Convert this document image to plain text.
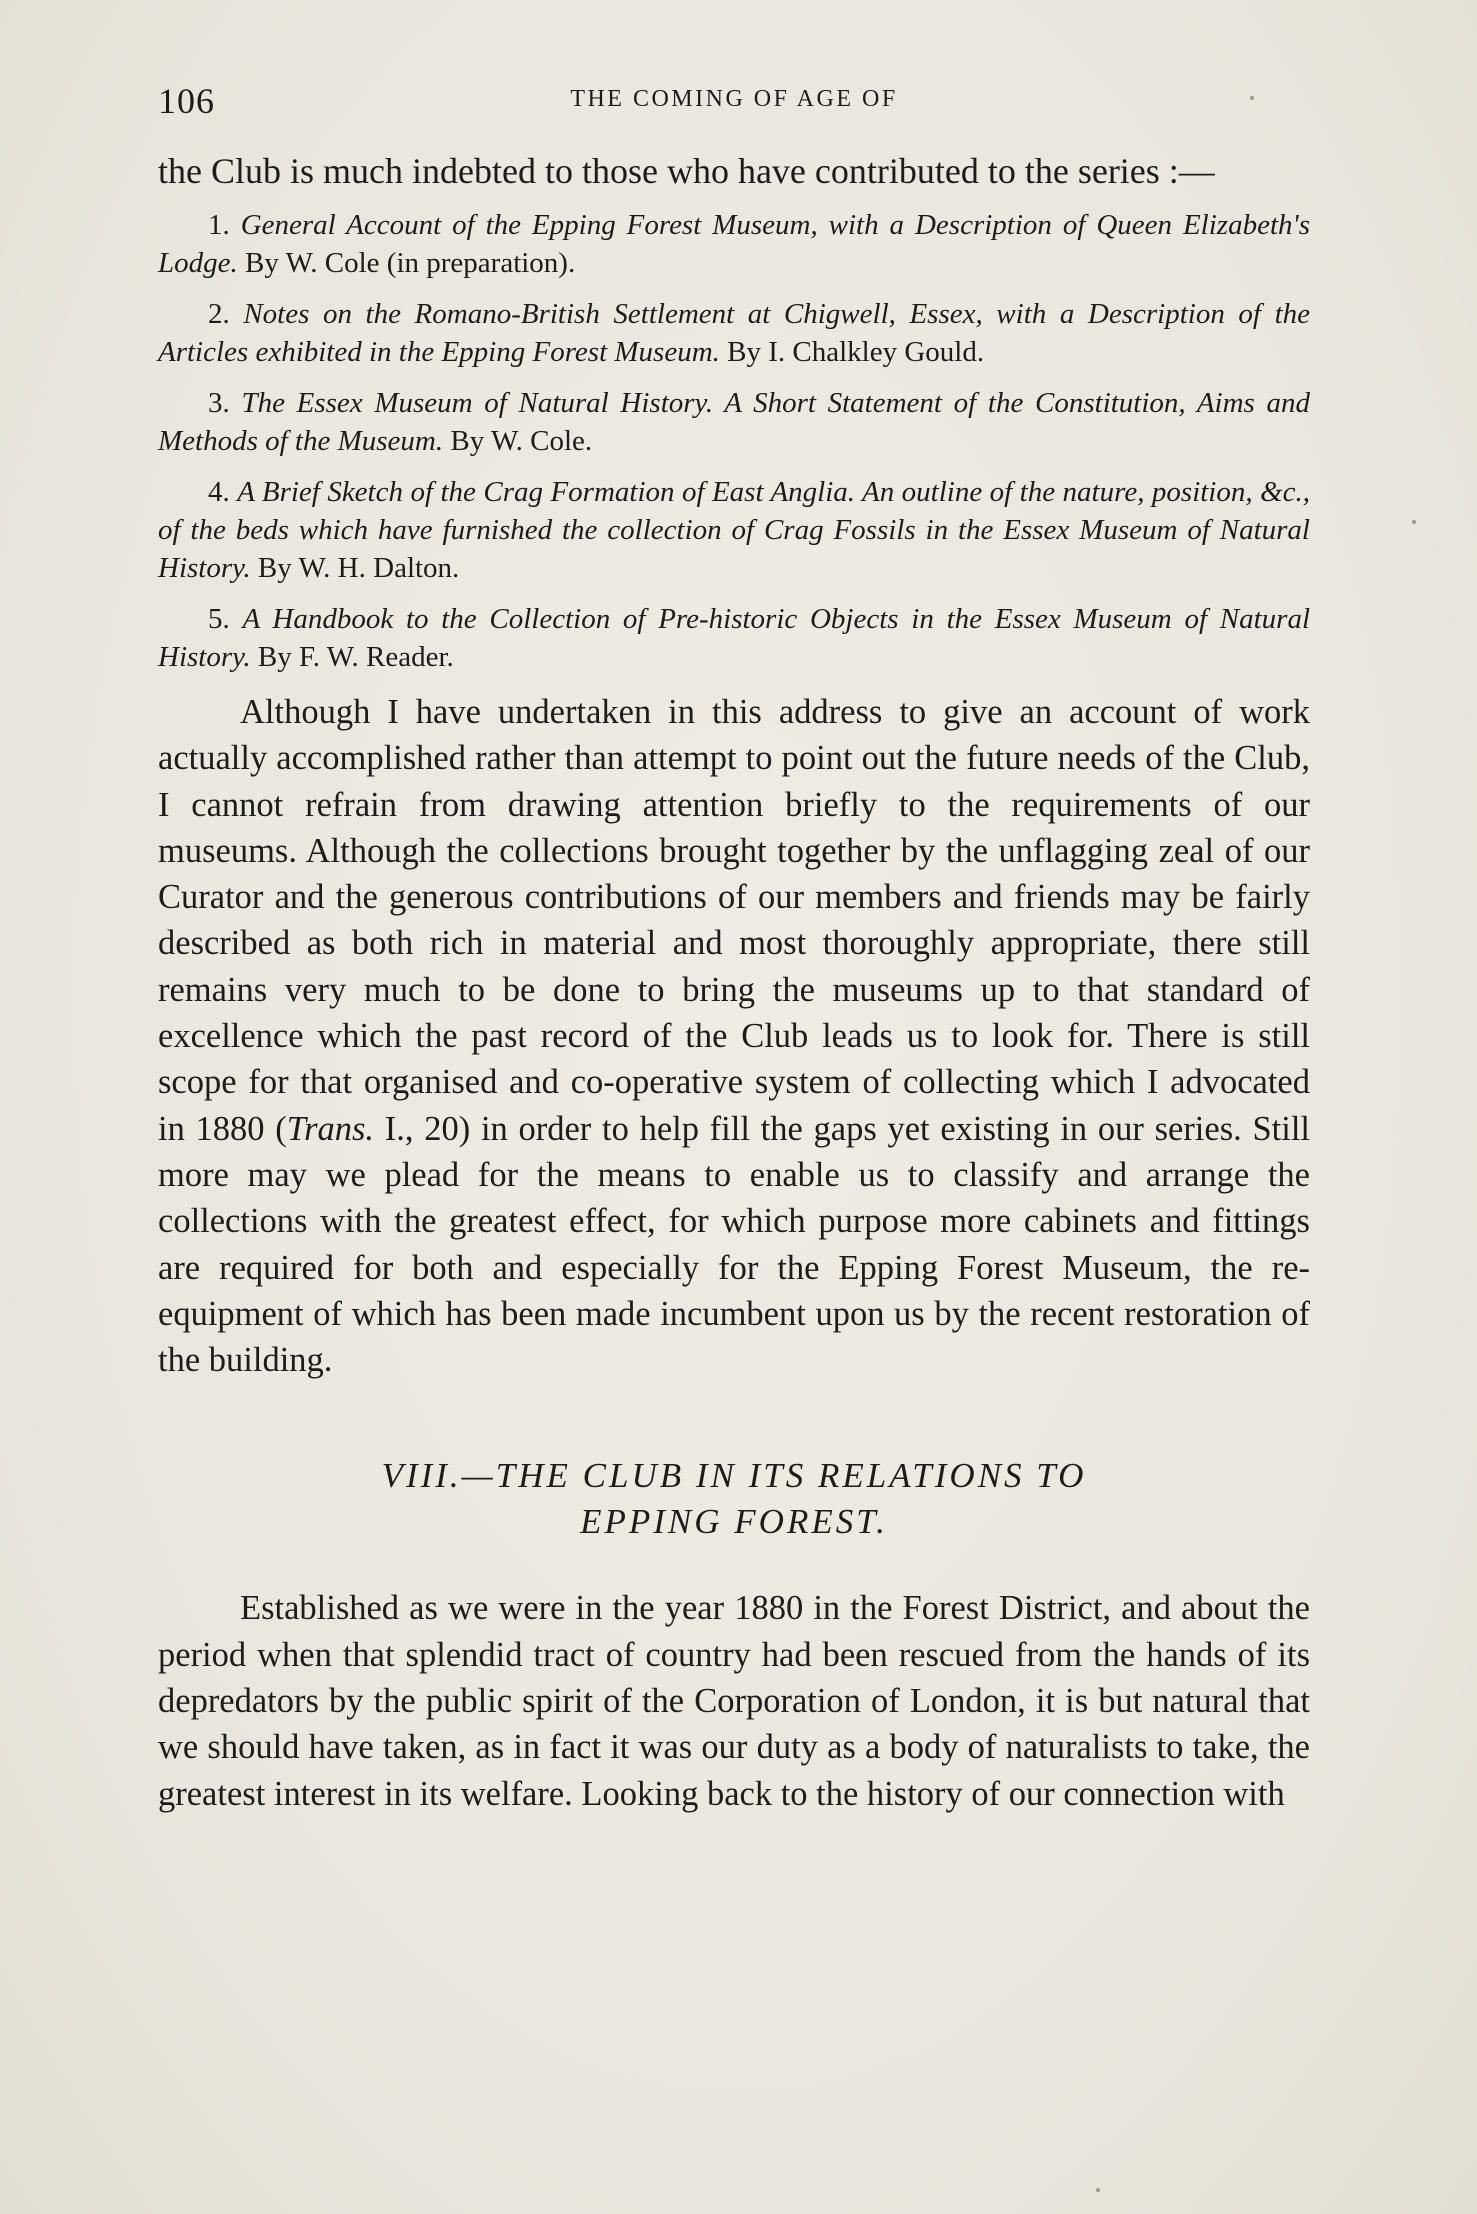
106	THE COMING OF AGE OF

the Club is much indebted to those who have contributed to the series :—

1. General Account of the Epping Forest Museum, with a Description of Queen Elizabeth's Lodge. By W. Cole (in preparation).

2. Notes on the Romano-British Settlement at Chigwell, Essex, with a Description of the Articles exhibited in the Epping Forest Museum. By I. Chalkley Gould.

3. The Essex Museum of Natural History. A Short Statement of the Constitution, Aims and Methods of the Museum. By W. Cole.

4. A Brief Sketch of the Crag Formation of East Anglia. An outline of the nature, position, &c., of the beds which have furnished the collection of Crag Fossils in the Essex Museum of Natural History. By W. H. Dalton.

5. A Handbook to the Collection of Pre-historic Objects in the Essex Museum of Natural History. By F. W. Reader.

Although I have undertaken in this address to give an account of work actually accomplished rather than attempt to point out the future needs of the Club, I cannot refrain from drawing attention briefly to the requirements of our museums. Although the collections brought together by the unflagging zeal of our Curator and the generous contributions of our members and friends may be fairly described as both rich in material and most thoroughly appropriate, there still remains very much to be done to bring the museums up to that standard of excellence which the past record of the Club leads us to look for. There is still scope for that organised and co-operative system of collecting which I advocated in 1880 (Trans. I., 20) in order to help fill the gaps yet existing in our series. Still more may we plead for the means to enable us to classify and arrange the collections with the greatest effect, for which purpose more cabinets and fittings are required for both and especially for the Epping Forest Museum, the re-equipment of which has been made incumbent upon us by the recent restoration of the building.

VIII.—THE CLUB IN ITS RELATIONS TO
EPPING FOREST.

Established as we were in the year 1880 in the Forest District, and about the period when that splendid tract of country had been rescued from the hands of its depredators by the public spirit of the Corporation of London, it is but natural that we should have taken, as in fact it was our duty as a body of naturalists to take, the greatest interest in its welfare. Looking back to the history of our connection with
